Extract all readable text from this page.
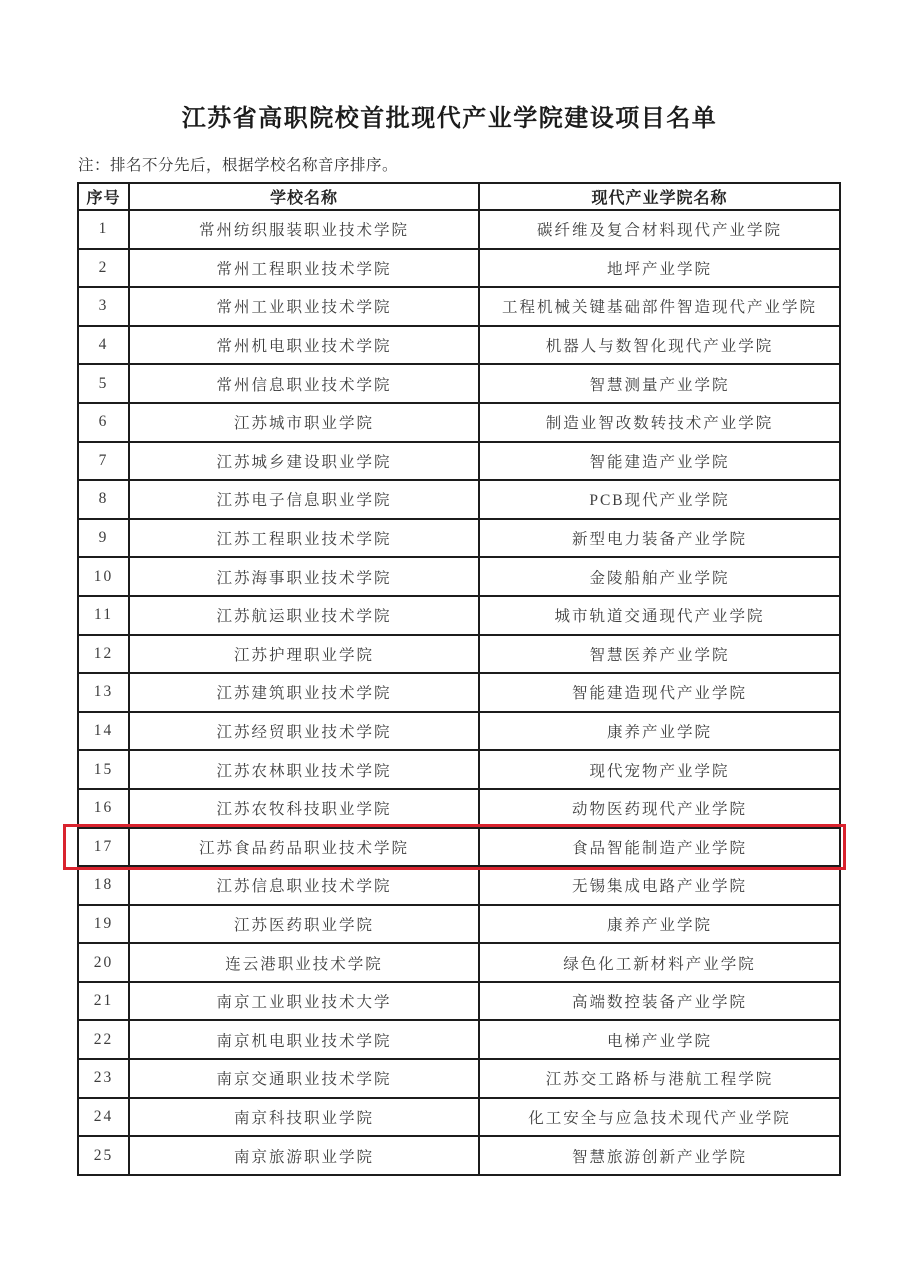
江苏省高职院校首批现代产业学院建设项目名单

注：排名不分先后，根据学校名称音序排序。

序号	学校名称	现代产业学院名称
1	常州纺织服装职业技术学院	碳纤维及复合材料现代产业学院
2	常州工程职业技术学院	地坪产业学院
3	常州工业职业技术学院	工程机械关键基础部件智造现代产业学院
4	常州机电职业技术学院	机器人与数智化现代产业学院
5	常州信息职业技术学院	智慧测量产业学院
6	江苏城市职业学院	制造业智改数转技术产业学院
7	江苏城乡建设职业学院	智能建造产业学院
8	江苏电子信息职业学院	PCB现代产业学院
9	江苏工程职业技术学院	新型电力装备产业学院
10	江苏海事职业技术学院	金陵船舶产业学院
11	江苏航运职业技术学院	城市轨道交通现代产业学院
12	江苏护理职业学院	智慧医养产业学院
13	江苏建筑职业技术学院	智能建造现代产业学院
14	江苏经贸职业技术学院	康养产业学院
15	江苏农林职业技术学院	现代宠物产业学院
16	江苏农牧科技职业学院	动物医药现代产业学院
17	江苏食品药品职业技术学院	食品智能制造产业学院
18	江苏信息职业技术学院	无锡集成电路产业学院
19	江苏医药职业学院	康养产业学院
20	连云港职业技术学院	绿色化工新材料产业学院
21	南京工业职业技术大学	高端数控装备产业学院
22	南京机电职业技术学院	电梯产业学院
23	南京交通职业技术学院	江苏交工路桥与港航工程学院
24	南京科技职业学院	化工安全与应急技术现代产业学院
25	南京旅游职业学院	智慧旅游创新产业学院
